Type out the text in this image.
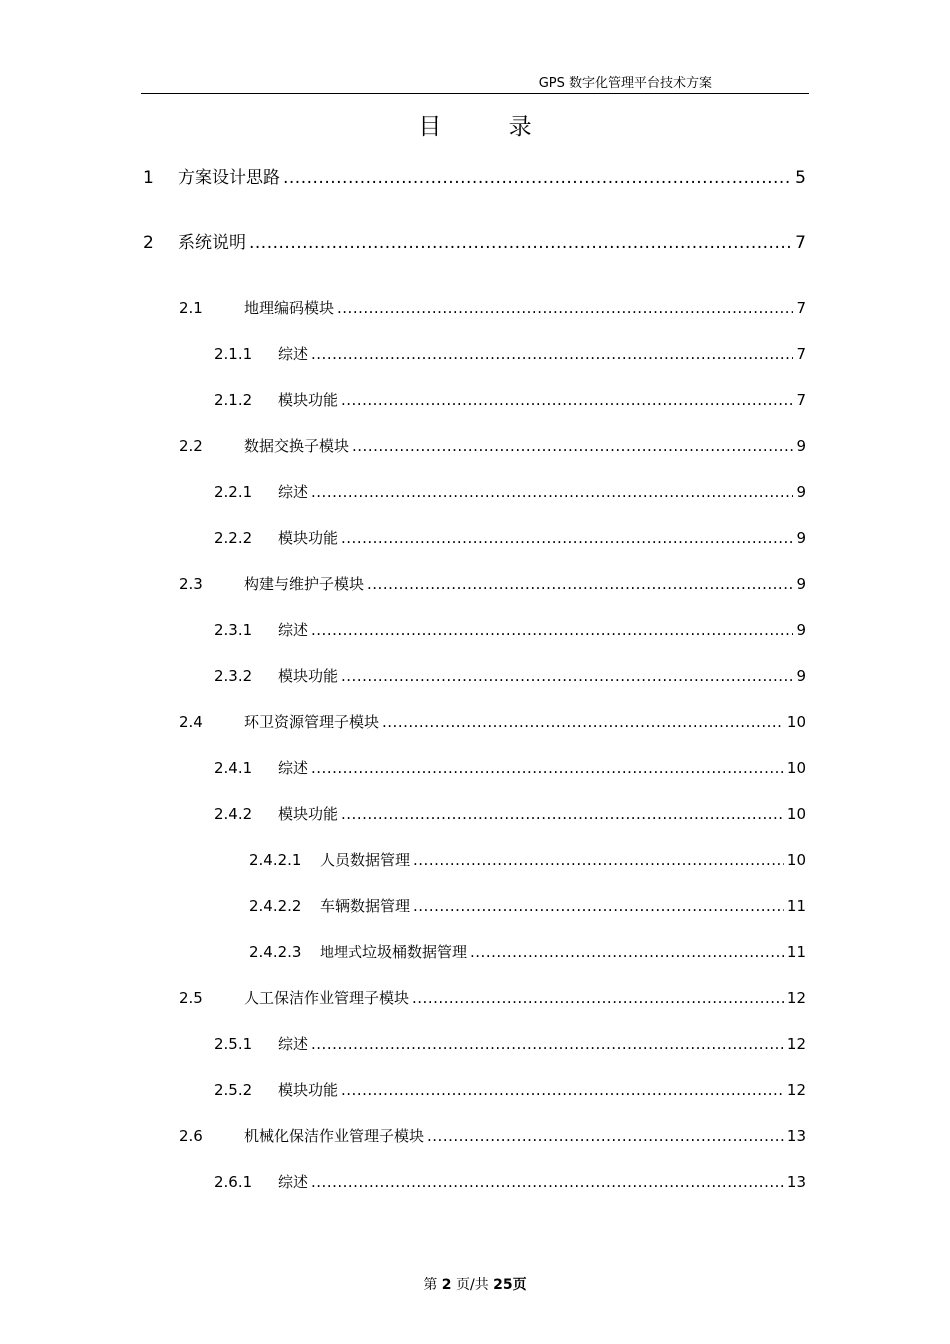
GPS 数字化管理平台技术方案
目 录
1	方案设计思路 .....	5
2	系统说明 .....	7
2.1	地理编码模块 .....	7
2.1.1	综述 .....	7
2.1.2	模块功能 .....	7
2.2	数据交换子模块 .....	9
2.2.1	综述 .....	9
2.2.2	模块功能 .....	9
2.3	构建与维护子模块 .....	9
2.3.1	综述 .....	9
2.3.2	模块功能 .....	9
2.4	环卫资源管理子模块 .....	10
2.4.1	综述 .....	10
2.4.2	模块功能 .....	10
2.4.2.1	人员数据管理 .....	10
2.4.2.2	车辆数据管理 .....	11
2.4.2.3	地埋式垃圾桶数据管理 .....	11
2.5	人工保洁作业管理子模块 .....	12
2.5.1	综述 .....	12
2.5.2	模块功能 .....	12
2.6	机械化保洁作业管理子模块 .....	13
2.6.1	综述 .....	13
第 2 页/共 25页
